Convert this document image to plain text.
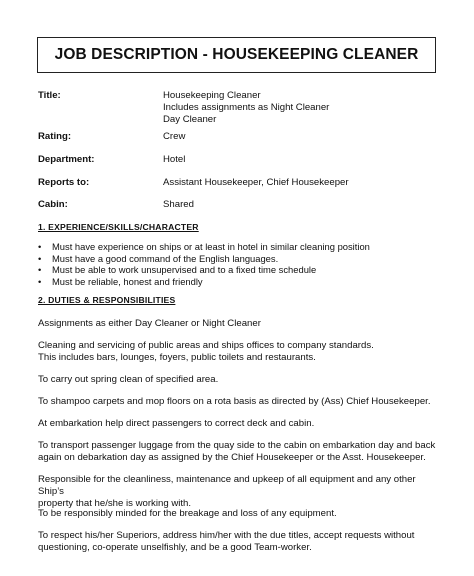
JOB DESCRIPTION - HOUSEKEEPING CLEANER
Title:	Housekeeping Cleaner
Includes assignments as Night Cleaner
Day Cleaner
Rating:	Crew
Department:	Hotel
Reports to:	Assistant Housekeeper, Chief Housekeeper
Cabin:	Shared
1. EXPERIENCE/SKILLS/CHARACTER
• Must have experience on ships or at least in hotel in similar cleaning position
• Must have a good command of the English languages.
• Must be able to work unsupervised and to a fixed time schedule
• Must be reliable, honest and friendly
2. DUTIES & RESPONSIBILITIES
Assignments as either Day Cleaner or Night Cleaner
Cleaning and servicing of public areas and ships offices to company standards.
This includes bars, lounges, foyers, public toilets and restaurants.
To carry out spring clean of specified area.
To shampoo carpets and mop floors on a rota basis as directed by (Ass) Chief Housekeeper.
At embarkation help direct passengers to correct deck and cabin.
To transport passenger luggage from the quay side to the cabin on embarkation day and back
again on debarkation day as assigned by the Chief Housekeeper or the Asst. Housekeeper.
Responsible for the cleanliness, maintenance and upkeep of all equipment and any other Ship’s
property that he/she is working with.
To be responsibly minded for the breakage and loss of any equipment.
To respect his/her Superiors, address him/her with the due titles, accept requests without
questioning, co-operate unselfishly, and be a good Team-worker.
